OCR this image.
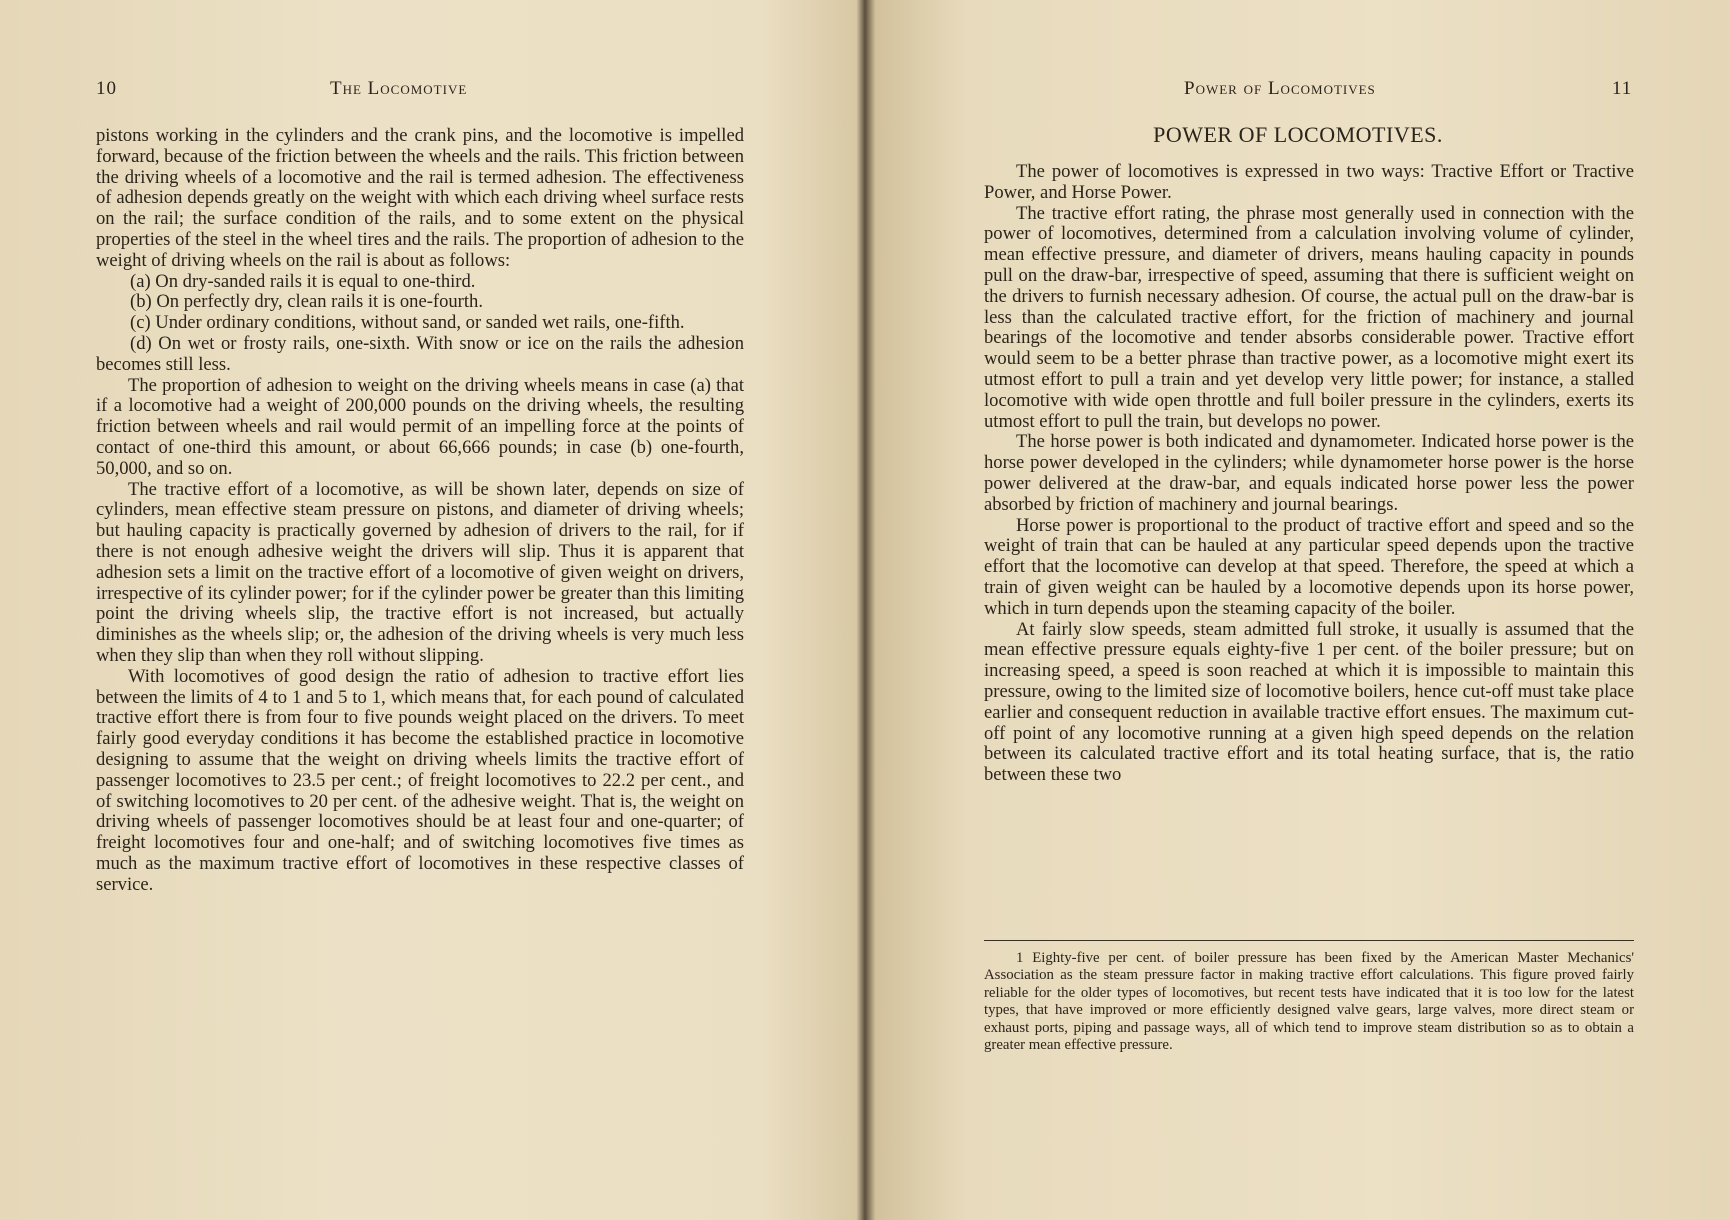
10	The Locomotive

pistons working in the cylinders and the crank pins, and the locomotive is impelled forward, because of the friction between the wheels and the rails. This friction between the driving wheels of a locomotive and the rail is termed adhesion. The effectiveness of adhesion depends greatly on the weight with which each driving wheel surface rests on the rail; the surface condition of the rails, and to some extent on the physical properties of the steel in the wheel tires and the rails. The proportion of adhesion to the weight of driving wheels on the rail is about as follows:

(a) On dry-sanded rails it is equal to one-third.

(b) On perfectly dry, clean rails it is one-fourth.

(c) Under ordinary conditions, without sand, or sanded wet rails, one-fifth.

(d) On wet or frosty rails, one-sixth. With snow or ice on the rails the adhesion becomes still less.

The proportion of adhesion to weight on the driving wheels means in case (a) that if a locomotive had a weight of 200,000 pounds on the driving wheels, the resulting friction between wheels and rail would permit of an impelling force at the points of contact of one-third this amount, or about 66,666 pounds; in case (b) one-fourth, 50,000, and so on.

The tractive effort of a locomotive, as will be shown later, depends on size of cylinders, mean effective steam pressure on pistons, and diameter of driving wheels; but hauling capacity is practically governed by adhesion of drivers to the rail, for if there is not enough adhesive weight the drivers will slip. Thus it is apparent that adhesion sets a limit on the tractive effort of a locomotive of given weight on drivers, irrespective of its cylinder power; for if the cylinder power be greater than this limiting point the driving wheels slip, the tractive effort is not increased, but actually diminishes as the wheels slip; or, the adhesion of the driving wheels is very much less when they slip than when they roll without slipping.

With locomotives of good design the ratio of adhesion to tractive effort lies between the limits of 4 to 1 and 5 to 1, which means that, for each pound of calculated tractive effort there is from four to five pounds weight placed on the drivers. To meet fairly good everyday conditions it has become the established practice in locomotive designing to assume that the weight on driving wheels limits the tractive effort of passenger locomotives to 23.5 per cent.; of freight locomotives to 22.2 per cent., and of switching locomotives to 20 per cent. of the adhesive weight. That is, the weight on driving wheels of passenger locomotives should be at least four and one-quarter; of freight locomotives four and one-half; and of switching locomotives five times as much as the maximum tractive effort of locomotives in these respective classes of service.

Power of Locomotives	11
POWER OF LOCOMOTIVES.

The power of locomotives is expressed in two ways: Tractive Effort or Tractive Power, and Horse Power.

The tractive effort rating, the phrase most generally used in connection with the power of locomotives, determined from a calculation involving volume of cylinder, mean effective pressure, and diameter of drivers, means hauling capacity in pounds pull on the draw-bar, irrespective of speed, assuming that there is sufficient weight on the drivers to furnish necessary adhesion. Of course, the actual pull on the draw-bar is less than the calculated tractive effort, for the friction of machinery and journal bearings of the locomotive and tender absorbs considerable power. Tractive effort would seem to be a better phrase than tractive power, as a locomotive might exert its utmost effort to pull a train and yet develop very little power; for instance, a stalled locomotive with wide open throttle and full boiler pressure in the cylinders, exerts its utmost effort to pull the train, but develops no power.

The horse power is both indicated and dynamometer. Indicated horse power is the horse power developed in the cylinders; while dynamometer horse power is the horse power delivered at the draw-bar, and equals indicated horse power less the power absorbed by friction of machinery and journal bearings.

Horse power is proportional to the product of tractive effort and speed and so the weight of train that can be hauled at any particular speed depends upon the tractive effort that the locomotive can develop at that speed. Therefore, the speed at which a train of given weight can be hauled by a locomotive depends upon its horse power, which in turn depends upon the steaming capacity of the boiler.

At fairly slow speeds, steam admitted full stroke, it usually is assumed that the mean effective pressure equals eighty-five 1 per cent. of the boiler pressure; but on increasing speed, a speed is soon reached at which it is impossible to maintain this pressure, owing to the limited size of locomotive boilers, hence cut-off must take place earlier and consequent reduction in available tractive effort ensues. The maximum cut-off point of any locomotive running at a given high speed depends on the relation between its calculated tractive effort and its total heating surface, that is, the ratio between these two

1 Eighty-five per cent. of boiler pressure has been fixed by the American Master Mechanics' Association as the steam pressure factor in making tractive effort calculations. This figure proved fairly reliable for the older types of locomotives, but recent tests have indicated that it is too low for the latest types, that have improved or more efficiently designed valve gears, large valves, more direct steam or exhaust ports, piping and passage ways, all of which tend to improve steam distribution so as to obtain a greater mean effective pressure.
